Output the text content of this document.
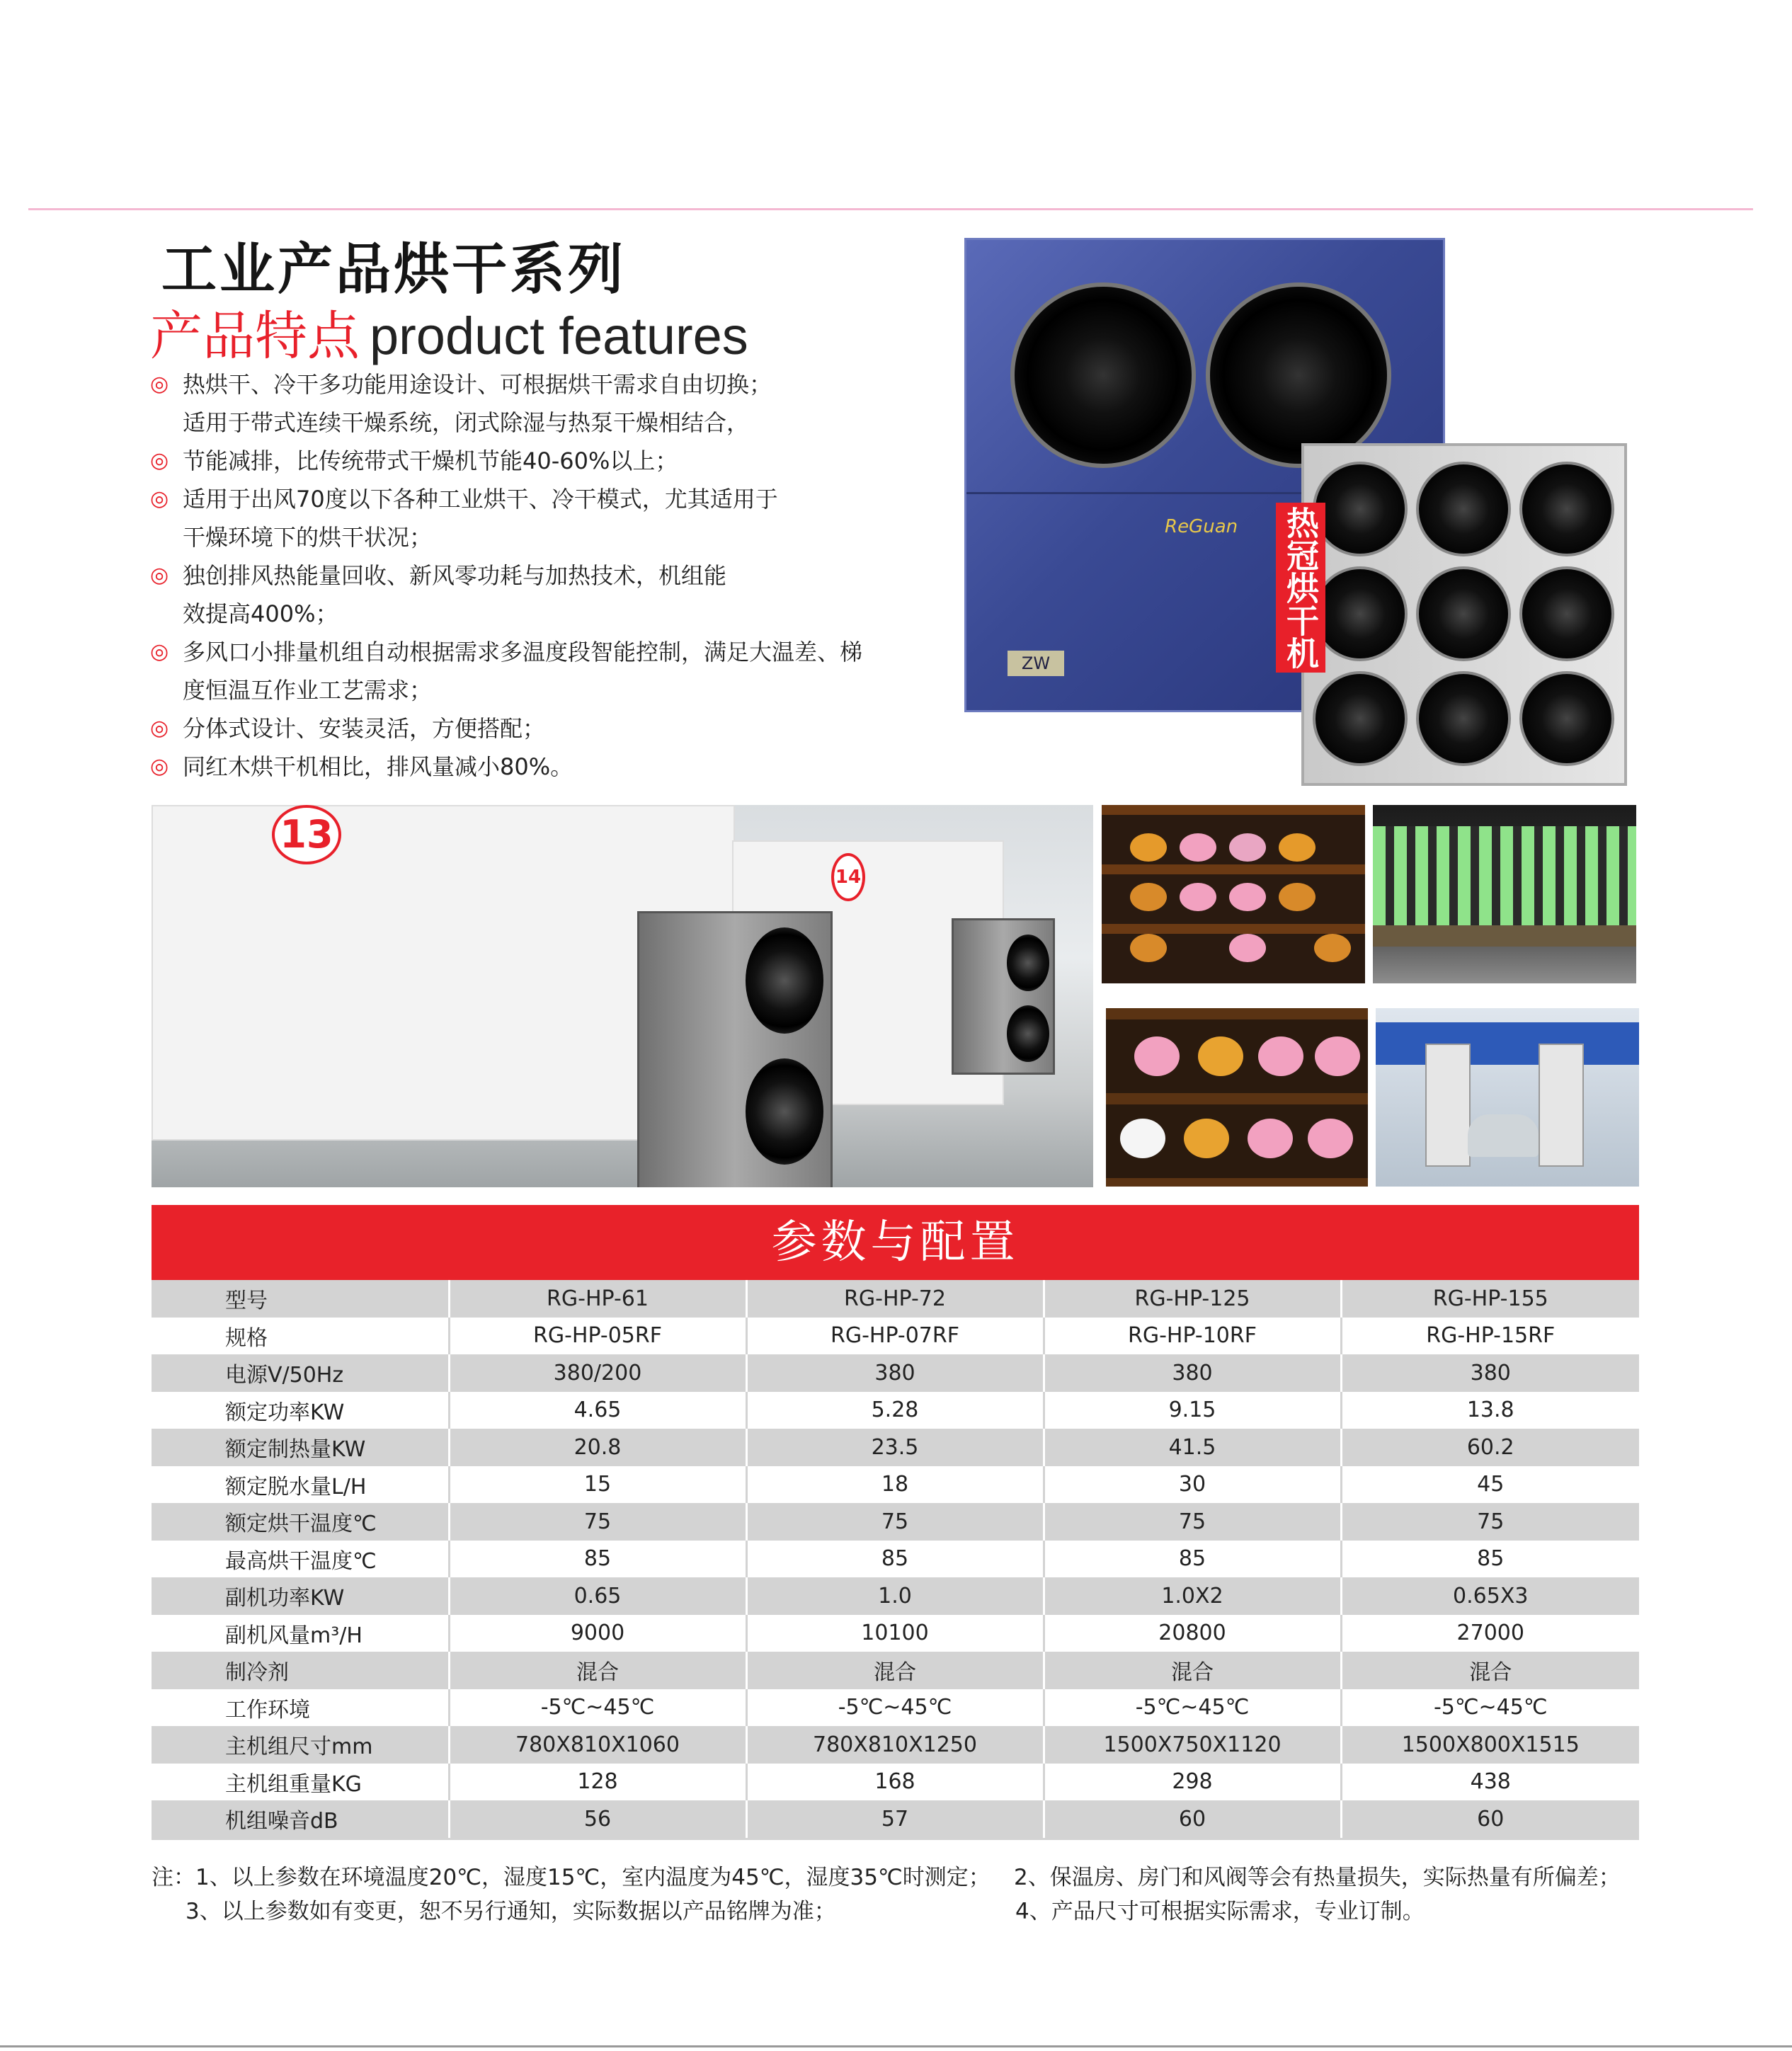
工业产品烘干系列
产品特点 product features
◎ 热烘干、冷干多功能用途设计、可根据烘干需求自由切换；
适用于带式连续干燥系统，闭式除湿与热泵干燥相结合，
◎ 节能减排，比传统带式干燥机节能40-60%以上；
◎ 适用于出风70度以下各种工业烘干、冷干模式，尤其适用于
干燥环境下的烘干状况；
◎ 独创排风热能量回收、新风零功耗与加热技术，机组能
效提高400%；
◎ 多风口小排量机组自动根据需求多温度段智能控制，满足大温差、梯
度恒温互作业工艺需求；
◎ 分体式设计、安装灵活，方便搭配；
◎ 同红木烘干机相比，排风量减小80%。
ReGuan
ZW	热冠烘干机
13
14
参数与配置
型号	RG-HP-61	RG-HP-72	RG-HP-125	RG-HP-155
规格	RG-HP-05RF	RG-HP-07RF	RG-HP-10RF	RG-HP-15RF
电源V/50Hz	380/200	380	380	380
额定功率KW	4.65	5.28	9.15	13.8
额定制热量KW	20.8	23.5	41.5	60.2
额定脱水量L/H	15	18	30	45
额定烘干温度℃	75	75	75	75
最高烘干温度℃	85	85	85	85
副机功率KW	0.65	1.0	1.0X2	0.65X3
副机风量m³/H	9000	10100	20800	27000
制冷剂	混合	混合	混合	混合
工作环境	-5℃~45℃	-5℃~45℃	-5℃~45℃	-5℃~45℃
主机组尺寸mm	780X810X1060	780X810X1250	1500X750X1120	1500X800X1515
主机组重量KG	128	168	298	438
机组噪音dB	56	57	60	60
注：1、以上参数在环境温度20℃，湿度15℃，室内温度为45℃，湿度35℃时测定； 2、保温房、房门和风阀等会有热量损失，实际热量有所偏差；
3、以上参数如有变更，恕不另行通知，实际数据以产品铭牌为准；	4、产品尺寸可根据实际需求，专业订制。
